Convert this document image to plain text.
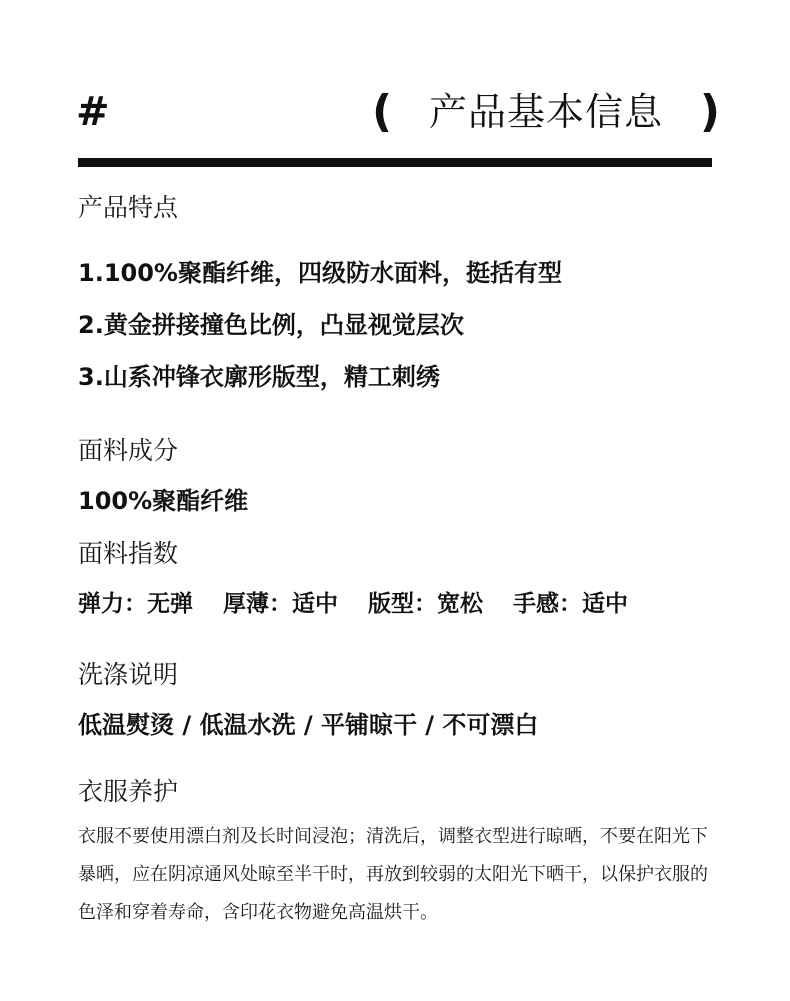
#	( 产品基本信息 )
产品特点
1.100%聚酯纤维，四级防水面料，挺括有型
2.黄金拼接撞色比例，凸显视觉层次
3.山系冲锋衣廓形版型，精工刺绣
面料成分
100%聚酯纤维
面料指数
弹力：无弹 厚薄：适中 版型：宽松 手感：适中
洗涤说明
低温熨烫 / 低温水洗 / 平铺晾干 / 不可漂白
衣服养护
衣服不要使用漂白剂及长时间浸泡；清洗后，调整衣型进行晾晒，不要在阳光下暴晒，应在阴凉通风处晾至半干时，再放到较弱的太阳光下晒干，以保护衣服的色泽和穿着寿命，含印花衣物避免高温烘干。
